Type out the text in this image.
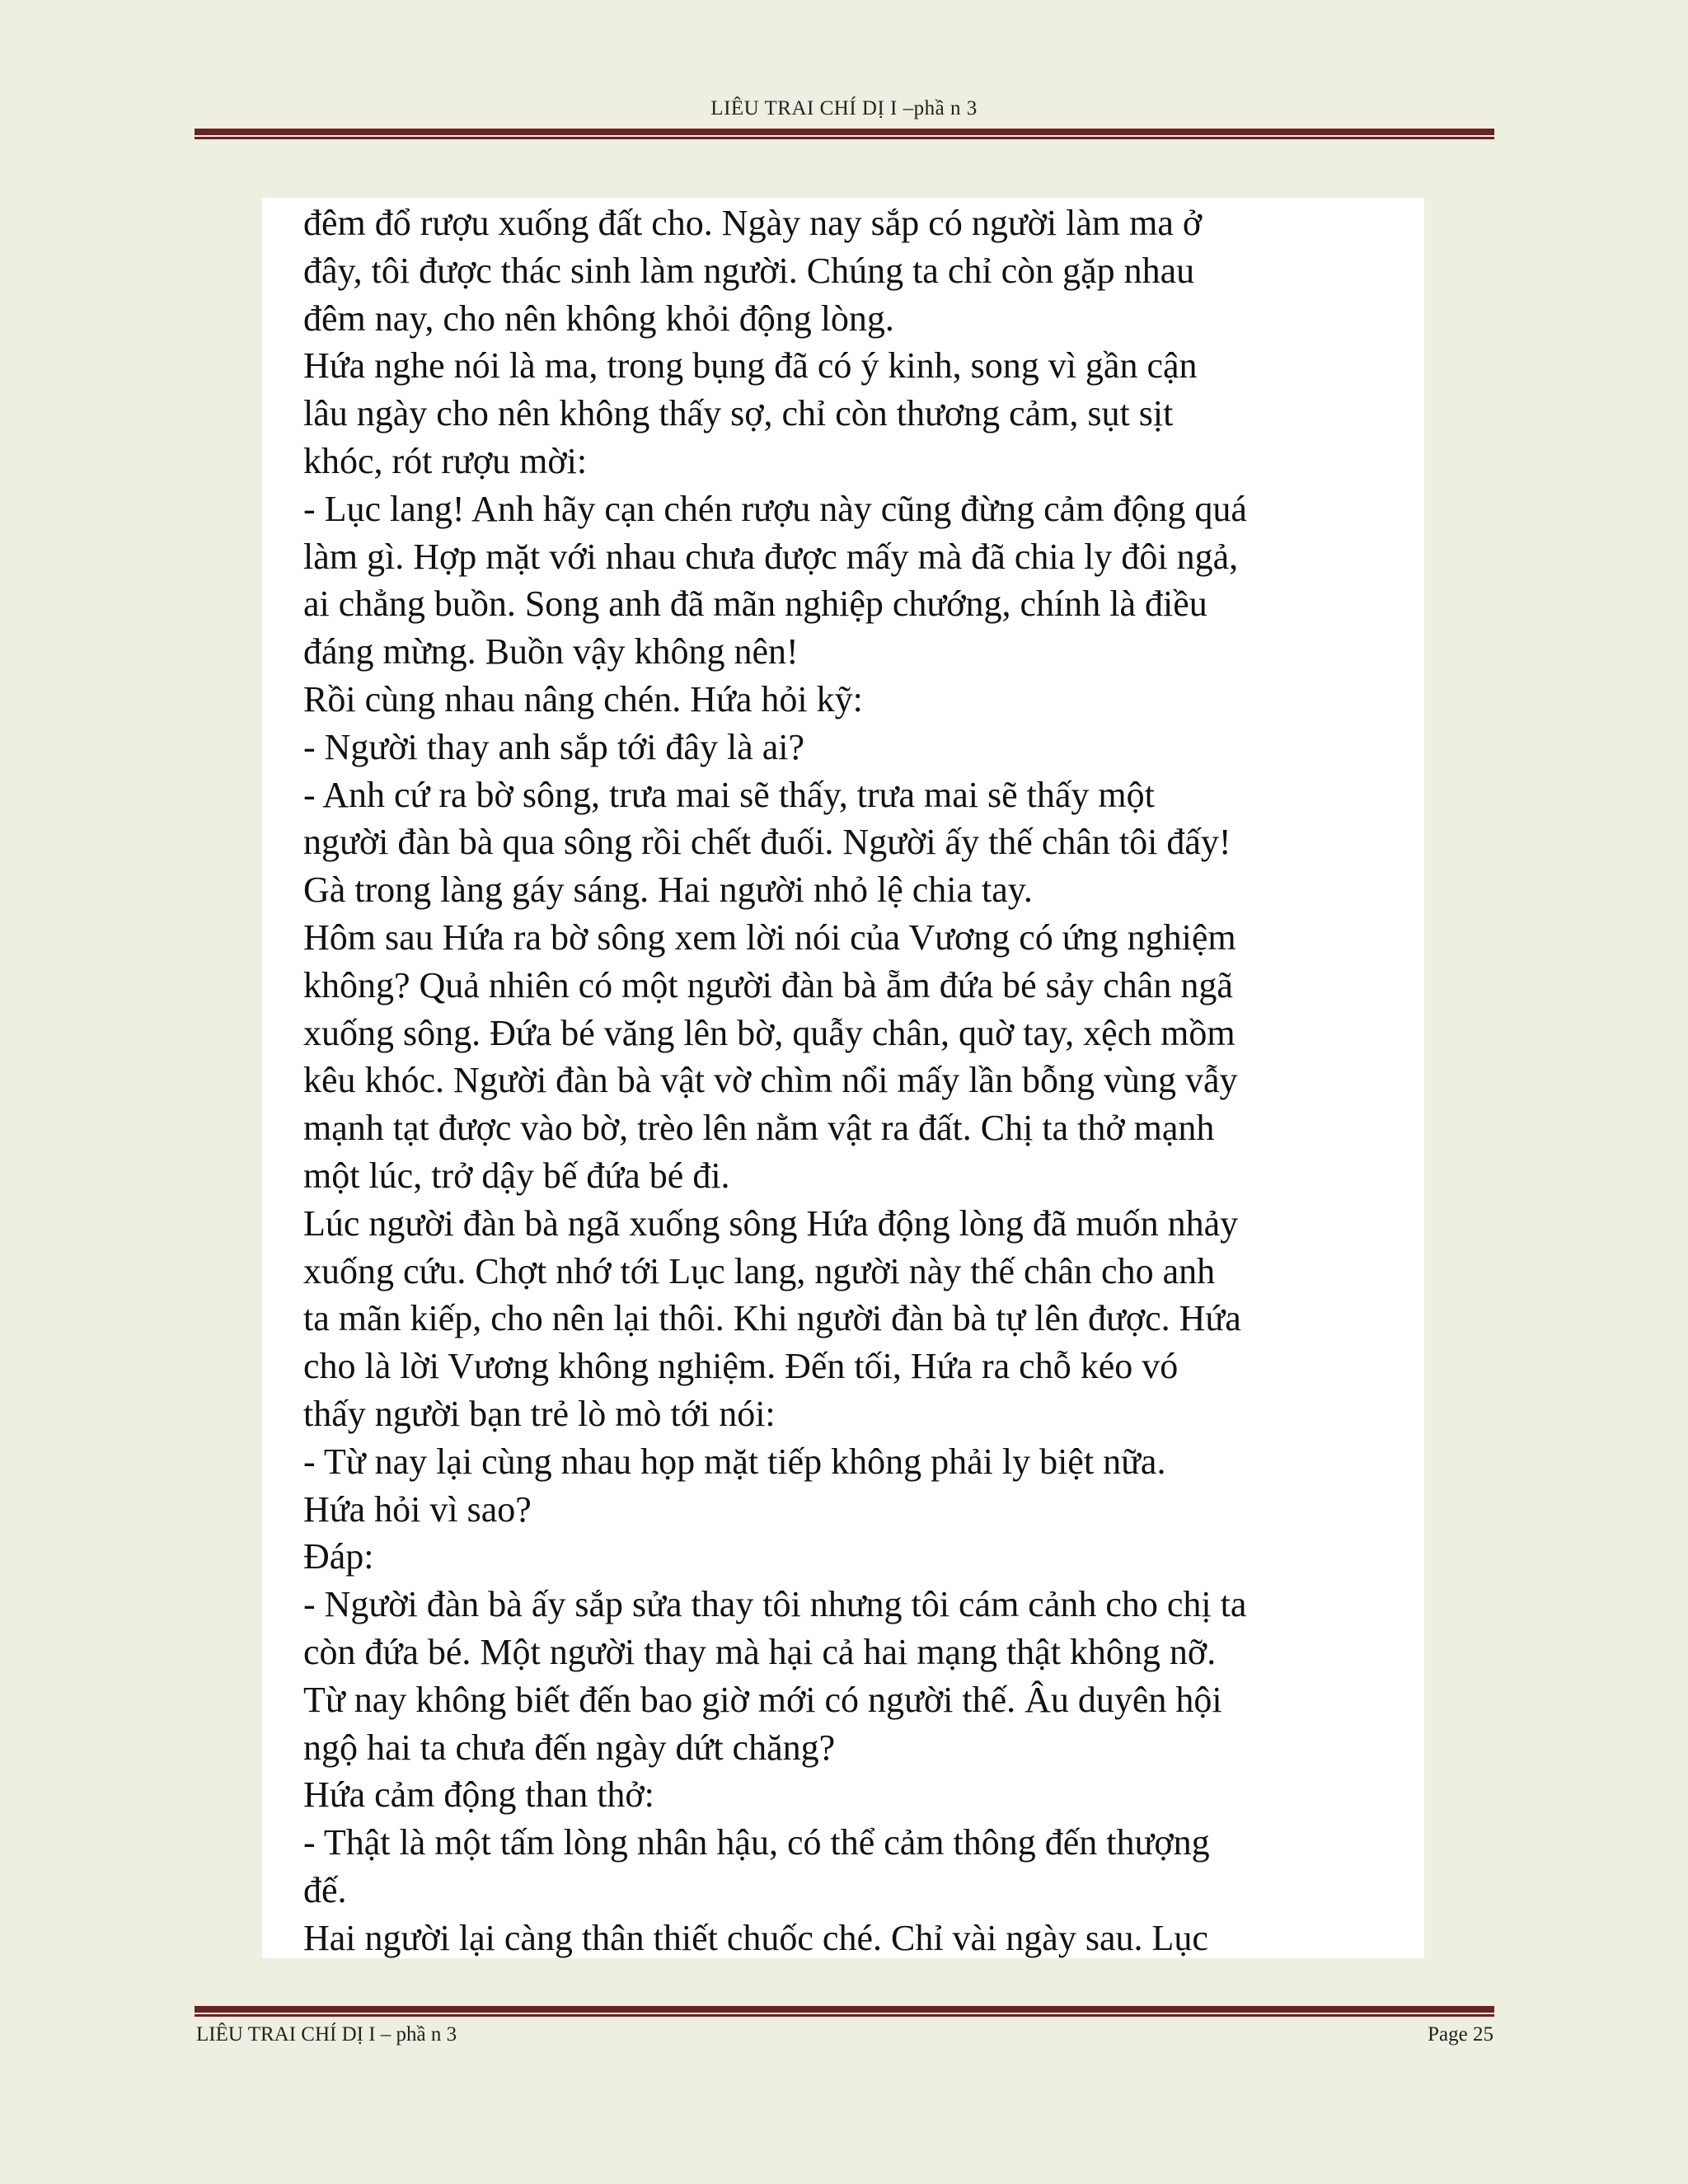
LIÊU TRAI CHÍ DỊ I –phầ n 3
đêm đổ rượu xuống đất cho. Ngày nay sắp có người làm ma ở
đây, tôi được thác sinh làm người. Chúng ta chỉ còn gặp nhau
đêm nay, cho nên không khỏi động lòng.
Hứa nghe nói là ma, trong bụng đã có ý kinh, song vì gần cận
lâu ngày cho nên không thấy sợ, chỉ còn thương cảm, sụt sịt
khóc, rót rượu mời:
- Lục lang! Anh hãy cạn chén rượu này cũng đừng cảm động quá
làm gì. Hợp mặt với nhau chưa được mấy mà đã chia ly đôi ngả,
ai chẳng buồn. Song anh đã mãn nghiệp chướng, chính là điều
đáng mừng. Buồn vậy không nên!
Rồi cùng nhau nâng chén. Hứa hỏi kỹ:
- Người thay anh sắp tới đây là ai?
- Anh cứ ra bờ sông, trưa mai sẽ thấy, trưa mai sẽ thấy một
người đàn bà qua sông rồi chết đuối. Người ấy thế chân tôi đấy!
Gà trong làng gáy sáng. Hai người nhỏ lệ chia tay.
Hôm sau Hứa ra bờ sông xem lời nói của Vương có ứng nghiệm
không? Quả nhiên có một người đàn bà ẵm đứa bé sảy chân ngã
xuống sông. Đứa bé văng lên bờ, quẫy chân, quờ tay, xệch mồm
kêu khóc. Người đàn bà vật vờ chìm nổi mấy lần bỗng vùng vẫy
mạnh tạt được vào bờ, trèo lên nằm vật ra đất. Chị ta thở mạnh
một lúc, trở dậy bế đứa bé đi.
Lúc người đàn bà ngã xuống sông Hứa động lòng đã muốn nhảy
xuống cứu. Chợt nhớ tới Lục lang, người này thế chân cho anh
ta mãn kiếp, cho nên lại thôi. Khi người đàn bà tự lên được. Hứa
cho là lời Vương không nghiệm. Đến tối, Hứa ra chỗ kéo vó
thấy người bạn trẻ lò mò tới nói:
- Từ nay lại cùng nhau họp mặt tiếp không phải ly biệt nữa.
Hứa hỏi vì sao?
Đáp:
- Người đàn bà ấy sắp sửa thay tôi nhưng tôi cám cảnh cho chị ta
còn đứa bé. Một người thay mà hại cả hai mạng thật không nỡ.
Từ nay không biết đến bao giờ mới có người thế. Âu duyên hội
ngộ hai ta chưa đến ngày dứt chăng?
Hứa cảm động than thở:
- Thật là một tấm lòng nhân hậu, có thể cảm thông đến thượng
đế.
Hai người lại càng thân thiết chuốc ché. Chỉ vài ngày sau. Lục
LIÊU TRAI CHÍ DỊ I – phầ n 3	Page 25
